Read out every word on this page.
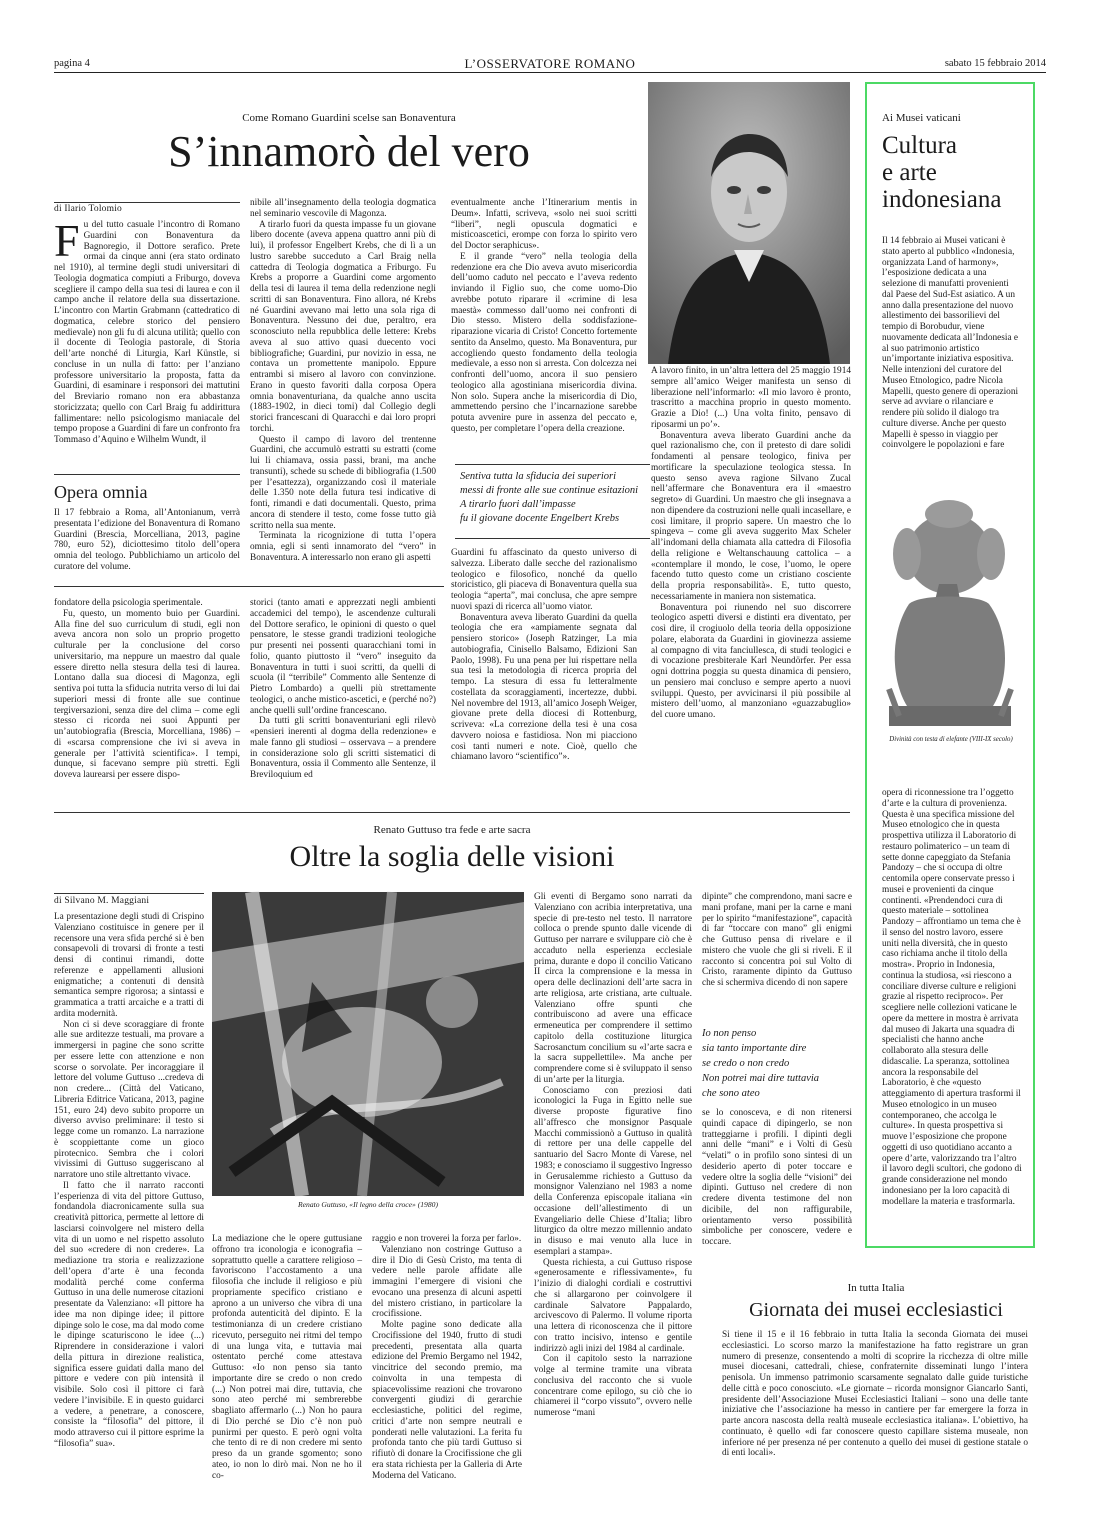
pagina 4	L’OSSERVATORE ROMANO	sabato 15 febbraio 2014
Come Romano Guardini scelse san Bonaventura
S’innamorò del vero
di Ilario Tolomio
F u del tutto casuale l’incontro di Romano Guardini con Bonaventura da Bagnoregio, il Dottore serafico. Prete ormai da cinque anni (era stato ordinato nel 1910), al termine degli studi universitari di Teologia dogmatica compiuti a Friburgo, doveva scegliere il campo della sua tesi di laurea e con il campo anche il relatore della sua dissertazione. L’incontro con Martin Grabmann (cattedratico di dogmatica, celebre storico del pensiero medievale) non gli fu di alcuna utilità; quello con il docente di Teologia pastorale, di Storia dell’arte nonché di Liturgia, Karl Künstle, si concluse in un nulla di fatto: per l’anziano professore universitario la proposta, fatta da Guardini, di esaminare i responsori dei mattutini del Breviario romano non era abbastanza storicizzata; quello con Carl Braig fu addirittura fallimentare: nello psicologismo maniacale del tempo propose a Guardini di fare un confronto fra Tommaso d’Aquino e Wilhelm Wundt, il

Opera omnia

Il 17 febbraio a Roma, all’Antonianum, verrà presentata l’edizione del Bonaventura di Romano Guardini (Brescia, Morcelliana, 2013, pagine 780, euro 52), diciottesimo titolo dell’opera omnia del teologo. Pubblichiamo un articolo del curatore del volume.

fondatore della psicologia sperimentale.

Fu, questo, un momento buio per Guardini. Alla fine del suo curriculum di studi, egli non aveva ancora non solo un proprio progetto culturale per la conclusione del corso universitario, ma neppure un maestro dal quale essere diretto nella stesura della tesi di laurea. Lontano dalla sua diocesi di Magonza, egli sentiva poi tutta la sfiducia nutrita verso di lui dai superiori messi di fronte alle sue continue tergiversazioni, senza dire del clima – come egli stesso ci ricorda nei suoi Appunti per un’autobiografia (Brescia, Morcelliana, 1986) – di «scarsa comprensione che ivi si aveva in generale per l’attività scientifica». I tempi, dunque, si facevano sempre più stretti. Egli doveva laurearsi per essere dispo-

nibile all’insegnamento della teologia dogmatica nel seminario vescovile di Magonza.

A tirarlo fuori da questa impasse fu un giovane libero docente (aveva appena quattro anni più di lui), il professor Engelbert Krebs, che di lì a un lustro sarebbe succeduto a Carl Braig nella cattedra di Teologia dogmatica a Friburgo. Fu Krebs a proporre a Guardini come argomento della tesi di laurea il tema della redenzione negli scritti di san Bonaventura. Fino allora, né Krebs né Guardini avevano mai letto una sola riga di Bonaventura. Nessuno dei due, peraltro, era sconosciuto nella repubblica delle lettere: Krebs aveva al suo attivo quasi duecento voci bibliografiche; Guardini, pur novizio in essa, ne contava un promettente manipolo. Eppure entrambi si misero al lavoro con convinzione. Erano in questo favoriti dalla corposa Opera omnia bonaventuriana, da qualche anno uscita (1883-1902, in dieci tomi) dal Collegio degli storici francescani di Quaracchi e dai loro propri torchi.

Questo il campo di lavoro del trentenne Guardini, che accumulò estratti su estratti (come lui li chiamava, ossia passi, brani, ma anche transunti), schede su schede di bibliografia (1.500 per l’esattezza), organizzando così il materiale delle 1.350 note della futura tesi indicative di fonti, rimandi e dati documentali. Questo, prima ancora di stendere il testo, come fosse tutto già scritto nella sua mente.

Terminata la ricognizione di tutta l’opera omnia, egli si sentì innamorato del “vero” in Bonaventura. A interessarlo non erano gli aspetti

storici (tanto amati e apprezzati negli ambienti accademici del tempo), le ascendenze culturali del Dottore serafico, le opinioni di questo o quel pensatore, le stesse grandi tradizioni teologiche pur presenti nei possenti quaracchiani tomi in folio, quanto piuttosto il “vero” inseguito da Bonaventura in tutti i suoi scritti, da quelli di scuola (il “terribile” Commento alle Sentenze di Pietro Lombardo) a quelli più strettamente teologici, o anche mistico-ascetici, e (perché no?) anche quelli sull’ordine francescano.

Da tutti gli scritti bonaventuriani egli rilevò «pensieri inerenti al dogma della redenzione» e male fanno gli studiosi – osservava – a prendere in considerazione solo gli scritti sistematici di Bonaventura, ossia il Commento alle Sentenze, il Breviloquium ed

eventualmente anche l’Itinerarium mentis in Deum». Infatti, scriveva, «solo nei suoi scritti “liberi”, negli opuscula dogmatici e misticoascetici, erompe con forza lo spirito vero del Doctor seraphicus».

E il grande “vero” nella teologia della redenzione era che Dio aveva avuto misericordia dell’uomo caduto nel peccato e l’aveva redento inviando il Figlio suo, che come uomo-Dio avrebbe potuto riparare il «crimine di lesa maestà» commesso dall’uomo nei confronti di Dio stesso. Mistero della soddisfazione-riparazione vicaria di Cristo! Concetto fortemente sentito da Anselmo, questo. Ma Bonaventura, pur accogliendo questo fondamento della teologia medievale, a esso non si arresta. Con dolcezza nei confronti dell’uomo, ancora il suo pensiero teologico alla agostiniana misericordia divina. Non solo. Supera anche la misericordia di Dio, ammettendo persino che l’incarnazione sarebbe potuta avvenire pure in assenza del peccato e, questo, per completare l’opera della creazione.

Sentiva tutta la sfiducia dei superiori
messi di fronte alle sue continue esitazioni
A tirarlo fuori dall’impasse
fu il giovane docente Engelbert Krebs

Guardini fu affascinato da questo universo di salvezza. Liberato dalle secche del razionalismo teologico e filosofico, nonché da quello storicistico, gli piaceva di Bonaventura quella sua teologia “aperta”, mai conclusa, che apre sempre nuovi spazi di ricerca all’uomo viator.

Bonaventura aveva liberato Guardini da quella teologia che era «ampiamente segnata dal pensiero storico» (Joseph Ratzinger, La mia autobiografia, Cinisello Balsamo, Edizioni San Paolo, 1998). Fu una pena per lui rispettare nella sua tesi la metodologia di ricerca propria del tempo. La stesura di essa fu letteralmente costellata da scoraggiamenti, incertezze, dubbi. Nel novembre del 1913, all’amico Joseph Weiger, giovane prete della diocesi di Rottenburg, scriveva: «La correzione della tesi è una cosa davvero noiosa e fastidiosa. Non mi piacciono così tanti numeri e note. Cioè, quello che chiamano lavoro “scientifico”».

A lavoro finito, in un’altra lettera del 25 maggio 1914 sempre all’amico Weiger manifesta un senso di liberazione nell’informarlo: «Il mio lavoro è pronto, trascritto a macchina proprio in questo momento. Grazie a Dio! (...) Una volta finito, pensavo di riposarmi un po’».

Bonaventura aveva liberato Guardini anche da quel razionalismo che, con il pretesto di dare solidi fondamenti al pensare teologico, finiva per mortificare la speculazione teologica stessa. In questo senso aveva ragione Silvano Zucal nell’affermare che Bonaventura era il «maestro segreto» di Guardini. Un maestro che gli insegnava a non dipendere da costruzioni nelle quali incasellare, e così limitare, il proprio sapere. Un maestro che lo spingeva – come gli aveva suggerito Max Scheler all’indomani della chiamata alla cattedra di Filosofia della religione e Weltanschauung cattolica – a «contemplare il mondo, le cose, l’uomo, le opere facendo tutto questo come un cristiano cosciente della propria responsabilità». E, tutto questo, necessariamente in maniera non sistematica.

Bonaventura poi riunendo nel suo discorrere teologico aspetti diversi e distinti era diventato, per così dire, il crogiuolo della teoria della opposizione polare, elaborata da Guardini in giovinezza assieme al compagno di vita fanciullesca, di studi teologici e di vocazione presbiterale Karl Neundörfer. Per essa ogni dottrina poggia su questa dinamica di pensiero, un pensiero mai concluso e sempre aperto a nuovi sviluppi. Questo, per avvicinarsi il più possibile al mistero dell’uomo, al manzoniano «guazzabuglio» del cuore umano.

Renato Guttuso tra fede e arte sacra
Oltre la soglia delle visioni
di Silvano M. Maggiani

La presentazione degli studi di Crispino Valenziano costituisce in genere per il recensore una vera sfida perché si è ben consapevoli di trovarsi di fronte a testi densi di continui rimandi, dotte referenze e appellamenti allusioni enigmatiche; a contenuti di densità semantica sempre rigorosa; a sintassi e grammatica a tratti arcaiche e a tratti di ardita modernità.

Non ci si deve scoraggiare di fronte alle sue arditezze testuali, ma provare a immergersi in pagine che sono scritte per essere lette con attenzione e non scorse o sorvolate. Per incoraggiare il lettore del volume Guttuso ...credeva di non credere... (Città del Vaticano, Libreria Editrice Vaticana, 2013, pagine 151, euro 24) devo subito proporre un diverso avviso preliminare: il testo si legge come un romanzo. La narrazione è scoppiettante come un gioco pirotecnico. Sembra che i colori vivissimi di Guttuso suggeriscano al narratore uno stile altrettanto vivace.

Il fatto che il narrato racconti l’esperienza di vita del pittore Guttuso, fondandola diacronicamente sulla sua creatività pittorica, permette al lettore di lasciarsi coinvolgere nel mistero della vita di un uomo e nel rispetto assoluto del suo «credere di non credere». La mediazione tra storia e realizzazione dell’opera d’arte è una feconda modalità perché come conferma Guttuso in una delle numerose citazioni presentate da Valenziano: «Il pittore ha idee ma non dipinge idee; il pittore dipinge solo le cose, ma dal modo come le dipinge scaturiscono le idee (...) Riprendere in considerazione i valori della pittura in direzione realistica, significa essere guidati dalla mano del pittore e vedere con più intensità il visibile. Solo così il pittore ci farà vedere l’invisibile. E in questo guidarci a vedere, a penetrare, a conoscere, consiste la “filosofia” del pittore, il modo attraverso cui il pittore esprime la “filosofia” sua».

Renato Guttuso, «Il legno della croce» (1980)

La mediazione che le opere guttusiane offrono tra iconologia e iconografia – soprattutto quelle a carattere religioso – favoriscono l’accostamento a una filosofia che include il religioso e più propriamente specifico cristiano e aprono a un universo che vibra di una profonda autenticità del dipinto. E la testimonianza di un credere cristiano ricevuto, perseguito nei ritmi del tempo di una lunga vita, e tuttavia mai ostentato perché come attestava Guttuso: «Io non penso sia tanto importante dire se credo o non credo (...) Non potrei mai dire, tuttavia, che sono ateo perché mi sembrerebbe sbagliato affermarlo (...) Non ho paura di Dio perché se Dio c’è non può punirmi per questo. E però ogni volta che tento di re di non credere mi sento preso da un grande sgomento; sono ateo, io non lo dirò mai. Non ne ho il co-

raggio e non troverei la forza per farlo».

Valenziano non costringe Guttuso a dire il Dio di Gesù Cristo, ma tenta di vedere nelle parole affidate alle immagini l’emergere di visioni che evocano una presenza di alcuni aspetti del mistero cristiano, in particolare la crocifissione.

Molte pagine sono dedicate alla Crocifissione del 1940, frutto di studi precedenti, presentata alla quarta edizione del Premio Bergamo nel 1942, vincitrice del secondo premio, ma coinvolta in una tempesta di spiacevolissime reazioni che trovarono convergenti giudizi di gerarchie ecclesiastiche, politici del regime, critici d’arte non sempre neutrali e ponderati nelle valutazioni. La ferita fu profonda tanto che più tardi Guttuso si rifiutò di donare la Crocifissione che gli era stata richiesta per la Galleria di Arte Moderna del Vaticano.

Gli eventi di Bergamo sono narrati da Valenziano con acribia interpretativa, una specie di pre-testo nel testo. Il narratore colloca o prende spunto dalle vicende di Guttuso per narrare e sviluppare ciò che è accaduto nella esperienza ecclesiale prima, durante e dopo il concilio Vaticano II circa la comprensione e la messa in opera delle declinazioni dell’arte sacra in arte religiosa, arte cristiana, arte cultuale. Valenziano offre spunti che contribuiscono ad avere una efficace ermeneutica per comprendere il settimo capitolo della costituzione liturgica Sacrosanctum concilium su «l’arte sacra e la sacra suppellettile». Ma anche per comprendere come si è sviluppato il senso di un’arte per la liturgia.

Conosciamo con preziosi dati iconologici la Fuga in Egitto nelle sue diverse proposte figurative fino all’affresco che monsignor Pasquale Macchi commissionò a Guttuso in qualità di rettore per una delle cappelle del santuario del Sacro Monte di Varese, nel 1983; e conosciamo il suggestivo Ingresso in Gerusalemme richiesto a Guttuso da monsignor Valenziano nel 1983 a nome della Conferenza episcopale italiana «in occasione dell’allestimento di un Evangeliario delle Chiese d’Italia; libro liturgico da oltre mezzo millennio andato in disuso e mai venuto alla luce in esemplari a stampa».

Questa richiesta, a cui Guttuso rispose «generosamente e riflessivamente», fu l’inizio di dialoghi cordiali e costruttivi che si allargarono per coinvolgere il cardinale Salvatore Pappalardo, arcivescovo di Palermo. Il volume riporta una lettera di riconoscenza che il pittore con tratto incisivo, intenso e gentile indirizzò agli inizi del 1984 al cardinale.

Con il capitolo sesto la narrazione volge al termine tramite una vibrata conclusiva del racconto che si vuole concentrare come epilogo, su ciò che io chiamerei il “corpo vissuto”, ovvero nelle numerose “mani

dipinte” che comprendono, mani sacre e mani profane, mani per la carne e mani per lo spirito “manifestazione”, capacità di far “toccare con mano” gli enigmi che Guttuso pensa di rivelare e il mistero che vuole che gli si riveli. E il racconto si concentra poi sul Volto di Cristo, raramente dipinto da Guttuso che si schermiva dicendo di non sapere

Io non penso
sia tanto importante dire
se credo o non credo
Non potrei mai dire tuttavia
che sono ateo

se lo conosceva, e di non ritenersi quindi capace di dipingerlo, se non tratteggiarne i profili. I dipinti degli anni delle “mani” e i Volti di Gesù “velati” o in profilo sono sintesi di un desiderio aperto di poter toccare e vedere oltre la soglia delle “visioni” dei dipinti. Guttuso nel credere di non credere diventa testimone del non dicibile, del non raffigurabile, orientamento verso possibilità simboliche per conoscere, vedere e toccare.

Ai Musei vaticani
Cultura
e arte
indonesiana

Il 14 febbraio ai Musei vaticani è stato aperto al pubblico «Indonesia, organizzata Land of harmony», l’esposizione dedicata a una selezione di manufatti provenienti dal Paese del Sud-Est asiatico. A un anno dalla presentazione del nuovo allestimento dei bassorilievi del tempio di Borobudur, viene nuovamente dedicata all’Indonesia e al suo patrimonio artistico un’importante iniziativa espositiva. Nelle intenzioni del curatore del Museo Etnologico, padre Nicola Mapelli, questo genere di operazioni serve ad avviare o rilanciare e rendere più solido il dialogo tra culture diverse. Anche per questo Mapelli è spesso in viaggio per coinvolgere le popolazioni e fare

Divinità con testa di elefante (VIII-IX secolo)

opera di riconnessione tra l’oggetto d’arte e la cultura di provenienza. Questa è una specifica missione del Museo etnologico che in questa prospettiva utilizza il Laboratorio di restauro polimaterico – un team di sette donne capeggiato da Stefania Pandozy – che si occupa di oltre centomila opere conservate presso i musei e provenienti da cinque continenti. «Prendendoci cura di questo materiale – sottolinea Pandozy – affrontiamo un tema che è il senso del nostro lavoro, essere uniti nella diversità, che in questo caso richiama anche il titolo della mostra». Proprio in Indonesia, continua la studiosa, «si riescono a conciliare diverse culture e religioni grazie al rispetto reciproco». Per scegliere nelle collezioni vaticane le opere da mettere in mostra è arrivata dal museo di Jakarta una squadra di specialisti che hanno anche collaborato alla stesura delle didascalie. La speranza, sottolinea ancora la responsabile del Laboratorio, è che «questo atteggiamento di apertura trasformi il Museo etnologico in un museo contemporaneo, che accolga le culture». In questa prospettiva si muove l’esposizione che propone oggetti di uso quotidiano accanto a opere d’arte, valorizzando tra l’altro il lavoro degli scultori, che godono di grande considerazione nel mondo indonesiano per la loro capacità di modellare la materia e trasformarla.

In tutta Italia
Giornata dei musei ecclesiastici

Si tiene il 15 e il 16 febbraio in tutta Italia la seconda Giornata dei musei ecclesiastici. Lo scorso marzo la manifestazione ha fatto registrare un gran numero di presenze, consentendo a molti di scoprire la ricchezza di oltre mille musei diocesani, cattedrali, chiese, confraternite disseminati lungo l’intera penisola. Un immenso patrimonio scarsamente segnalato dalle guide turistiche delle città e poco conosciuto. «Le giornate – ricorda monsignor Giancarlo Santi, presidente dell’Associazione Musei Ecclesiastici Italiani – sono una delle tante iniziative che l’associazione ha messo in cantiere per far emergere la forza in parte ancora nascosta della realtà museale ecclesiastica italiana». L’obiettivo, ha continuato, è quello «di far conoscere questo capillare sistema museale, non inferiore né per presenza né per contenuto a quello dei musei di gestione statale o di enti locali».
